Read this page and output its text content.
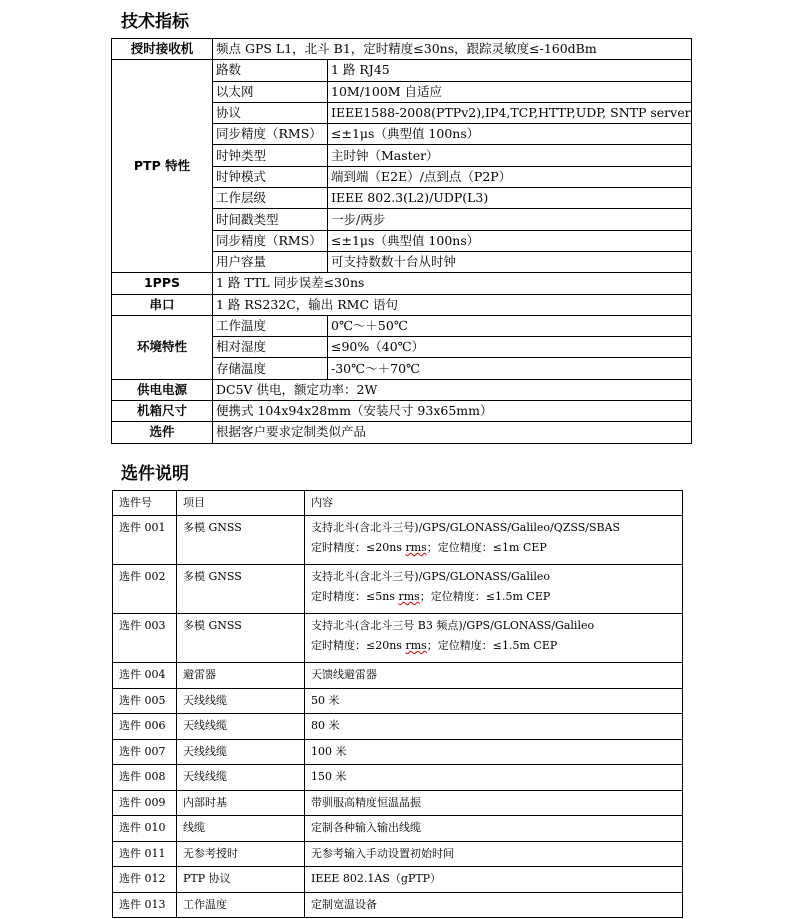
技术指标
授时接收机	频点 GPS L1，北斗 B1，定时精度≤30ns，跟踪灵敏度≤-160dBm	
PTP 特性	路数	1 路 RJ45
	以太网	10M/100M 自适应
	协议	IEEE1588-2008(PTPv2),IP4,TCP,HTTP,UDP, SNTP server
	同步精度（RMS）	≤±1μs（典型值 100ns）
	时钟类型	主时钟（Master）
	时钟模式	端到端（E2E）/点到点（P2P）
	工作层级	IEEE 802.3(L2)/UDP(L3)
	时间戳类型	一步/两步
	同步精度（RMS）	≤±1μs（典型值 100ns）
	用户容量	可支持数数十台从时钟
1PPS	1 路 TTL 同步误差≤30ns	
串口	1 路 RS232C，输出 RMC 语句	
环境特性	工作温度	0℃～＋50℃
	相对湿度	≤90%（40℃）
	存储温度	-30℃～＋70℃
供电电源	DC5V 供电，额定功率：2W	
机箱尺寸	便携式 104x94x28mm（安装尺寸 93x65mm）	
选件	根据客户要求定制类似产品	
选件说明
选件号	项目	内容
选件 001	多模 GNSS	支持北斗(含北斗三号)/GPS/GLONASS/Galileo/QZSS/SBAS
定时精度：≤20ns rms；定位精度：≤1m CEP

选件 002	多模 GNSS	支持北斗(含北斗三号)/GPS/GLONASS/Galileo
定时精度：≤5ns rms；定位精度：≤1.5m CEP

选件 003	多模 GNSS	支持北斗(含北斗三号 B3 频点)/GPS/GLONASS/Galileo
定时精度：≤20ns rms；定位精度：≤1.5m CEP

选件 004	避雷器	天馈线避雷器
选件 005	天线线缆	50 米
选件 006	天线线缆	80 米
选件 007	天线线缆	100 米
选件 008	天线线缆	150 米
选件 009	内部时基	带驯服高精度恒温晶振
选件 010	线缆	定制各种输入输出线缆
选件 011	无参考授时	无参考输入手动设置初始时间
选件 012	PTP 协议	IEEE 802.1AS（gPTP）
选件 013	工作温度	定制宽温设备
